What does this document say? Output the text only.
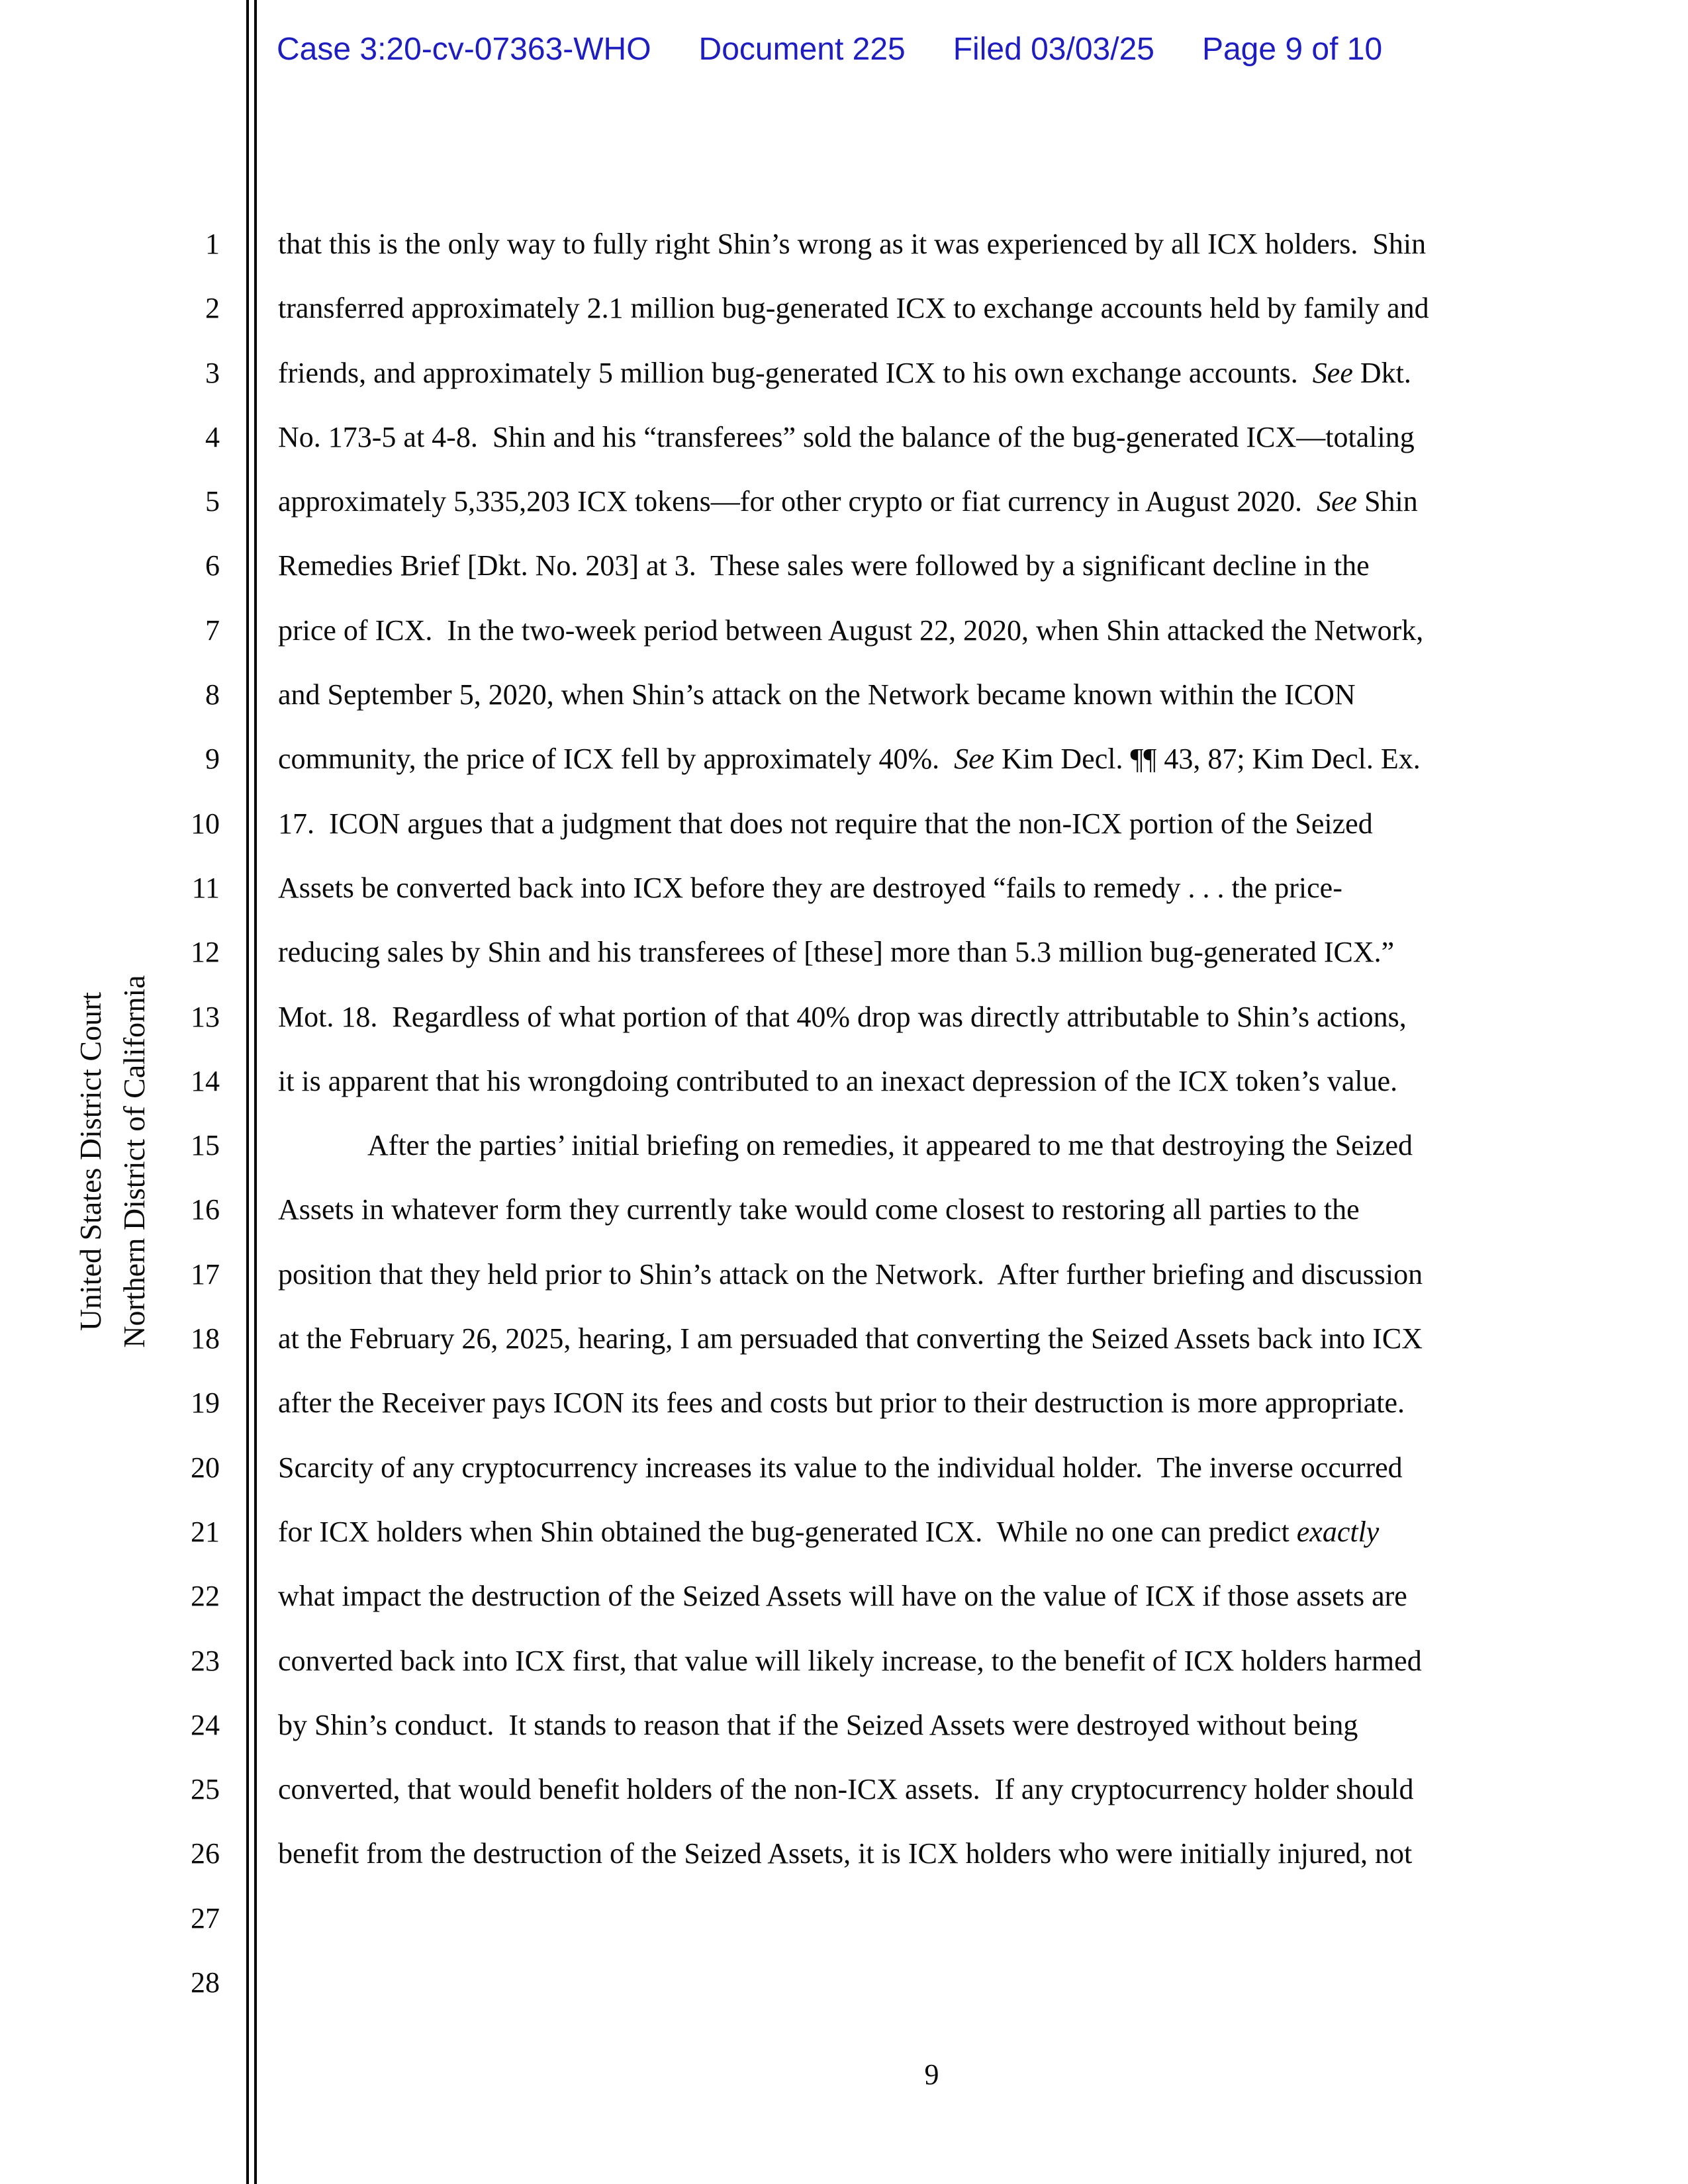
Case 3:20-cv-07363-WHO Document 225 Filed 03/03/25 Page 9 of 10
United States District Court Northern District of California
1
2
3
4
5
6
7
8
9
10
11
12
13
14
15
16
17
18
19
20
21
22
23
24
25
26
27
28
that this is the only way to fully right Shin’s wrong as it was experienced by all ICX holders.  Shin
transferred approximately 2.1 million bug-generated ICX to exchange accounts held by family and
friends, and approximately 5 million bug-generated ICX to his own exchange accounts.  See Dkt.
No. 173-5 at 4-8.  Shin and his “transferees” sold the balance of the bug-generated ICX—totaling
approximately 5,335,203 ICX tokens—for other crypto or fiat currency in August 2020.  See Shin
Remedies Brief [Dkt. No. 203] at 3.  These sales were followed by a significant decline in the
price of ICX.  In the two-week period between August 22, 2020, when Shin attacked the Network,
and September 5, 2020, when Shin’s attack on the Network became known within the ICON
community, the price of ICX fell by approximately 40%.  See Kim Decl. ¶¶ 43, 87; Kim Decl. Ex.
17.  ICON argues that a judgment that does not require that the non-ICX portion of the Seized
Assets be converted back into ICX before they are destroyed “fails to remedy . . . the price-
reducing sales by Shin and his transferees of [these] more than 5.3 million bug-generated ICX.”
Mot. 18.  Regardless of what portion of that 40% drop was directly attributable to Shin’s actions,
it is apparent that his wrongdoing contributed to an inexact depression of the ICX token’s value.
After the parties’ initial briefing on remedies, it appeared to me that destroying the Seized
Assets in whatever form they currently take would come closest to restoring all parties to the
position that they held prior to Shin’s attack on the Network.  After further briefing and discussion
at the February 26, 2025, hearing, I am persuaded that converting the Seized Assets back into ICX
after the Receiver pays ICON its fees and costs but prior to their destruction is more appropriate.
Scarcity of any cryptocurrency increases its value to the individual holder.  The inverse occurred
for ICX holders when Shin obtained the bug-generated ICX.  While no one can predict exactly
what impact the destruction of the Seized Assets will have on the value of ICX if those assets are
converted back into ICX first, that value will likely increase, to the benefit of ICX holders harmed
by Shin’s conduct.  It stands to reason that if the Seized Assets were destroyed without being
converted, that would benefit holders of the non-ICX assets.  If any cryptocurrency holder should
benefit from the destruction of the Seized Assets, it is ICX holders who were initially injured, not
9
